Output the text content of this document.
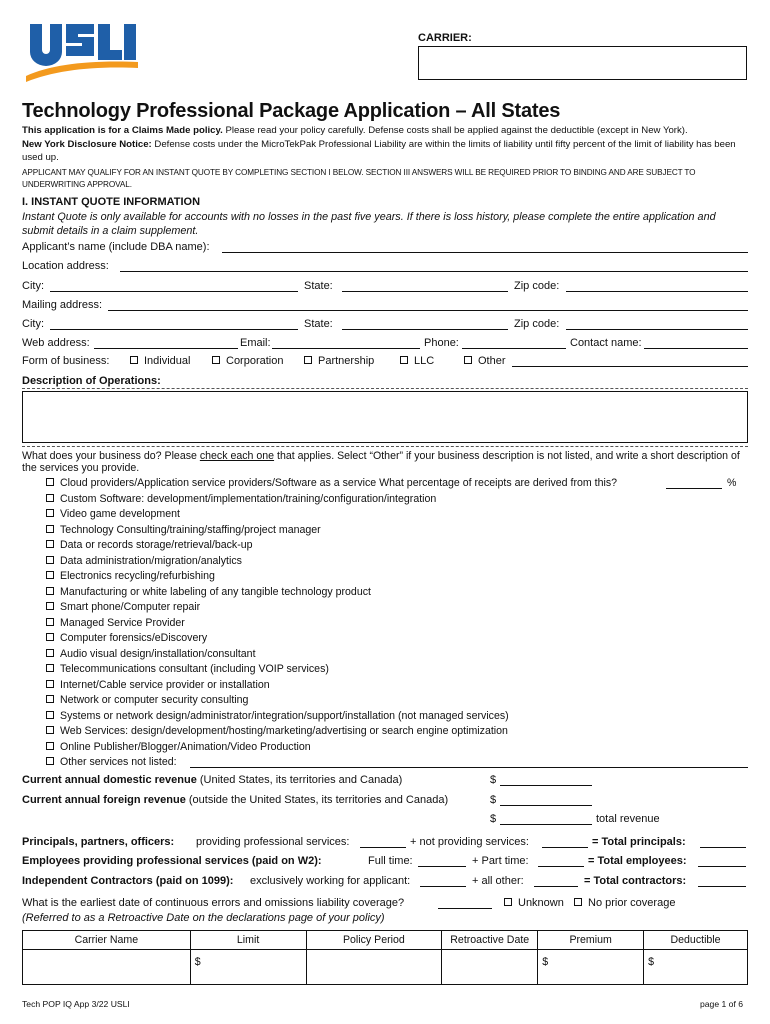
CARRIER:
Technology Professional Package Application – All States
This application is for a Claims Made policy. Please read your policy carefully. Defense costs shall be applied against the deductible (except in New York).
New York Disclosure Notice: Defense costs under the MicroTekPak Professional Liability are within the limits of liability until fifty percent of the limit of liability has been used up.
APPLICANT MAY QUALIFY FOR AN INSTANT QUOTE BY COMPLETING SECTION I BELOW. SECTION III ANSWERS WILL BE REQUIRED PRIOR TO BINDING AND ARE SUBJECT TO UNDERWRITING APPROVAL.
I. INSTANT QUOTE INFORMATION
Instant Quote is only available for accounts with no losses in the past five years. If there is loss history, please complete the entire application and submit details in a claim supplement.
Applicant’s name (include DBA name):
Location address:
City:	State:	Zip code:
Mailing address:
City:	State:	Zip code:
Web address:	Email:	Phone:	Contact name:
Form of business:	Individual	Corporation	Partnership	LLC	Other
Description of Operations:
What does your business do? Please check each one that applies. Select “Other” if your business description is not listed, and write a short description of the services you provide.
Cloud providers/Application service providers/Software as a service What percentage of receipts are derived from this?	%
Custom Software: development/implementation/training/configuration/integration
Video game development
Technology Consulting/training/staffing/project manager
Data or records storage/retrieval/back-up
Data administration/migration/analytics
Electronics recycling/refurbishing
Manufacturing or white labeling of any tangible technology product
Smart phone/Computer repair
Managed Service Provider
Computer forensics/eDiscovery
Audio visual design/installation/consultant
Telecommunications consultant (including VOIP services)
Internet/Cable service provider or installation
Network or computer security consulting
Systems or network design/administrator/integration/support/installation (not managed services)
Web Services: design/development/hosting/marketing/advertising or search engine optimization
Online Publisher/Blogger/Animation/Video Production
Other services not listed:
Current annual domestic revenue (United States, its territories and Canada)	$
Current annual foreign revenue (outside the United States, its territories and Canada)	$
$	total revenue
Principals, partners, officers: providing professional services:	+ not providing services:	= Total principals:
Employees providing professional services (paid on W2):	Full time:	+ Part time:	= Total employees:
Independent Contractors (paid on 1099): exclusively working for applicant:	+ all other:	= Total contractors:
What is the earliest date of continuous errors and omissions liability coverage?	Unknown	No prior coverage
(Referred to as a Retroactive Date on the declarations page of your policy)
Carrier Name	Limit	Policy Period	Retroactive Date	Premium	Deductible
	$			$	$
Tech POP IQ App 3/22 USLI	page 1 of 6
